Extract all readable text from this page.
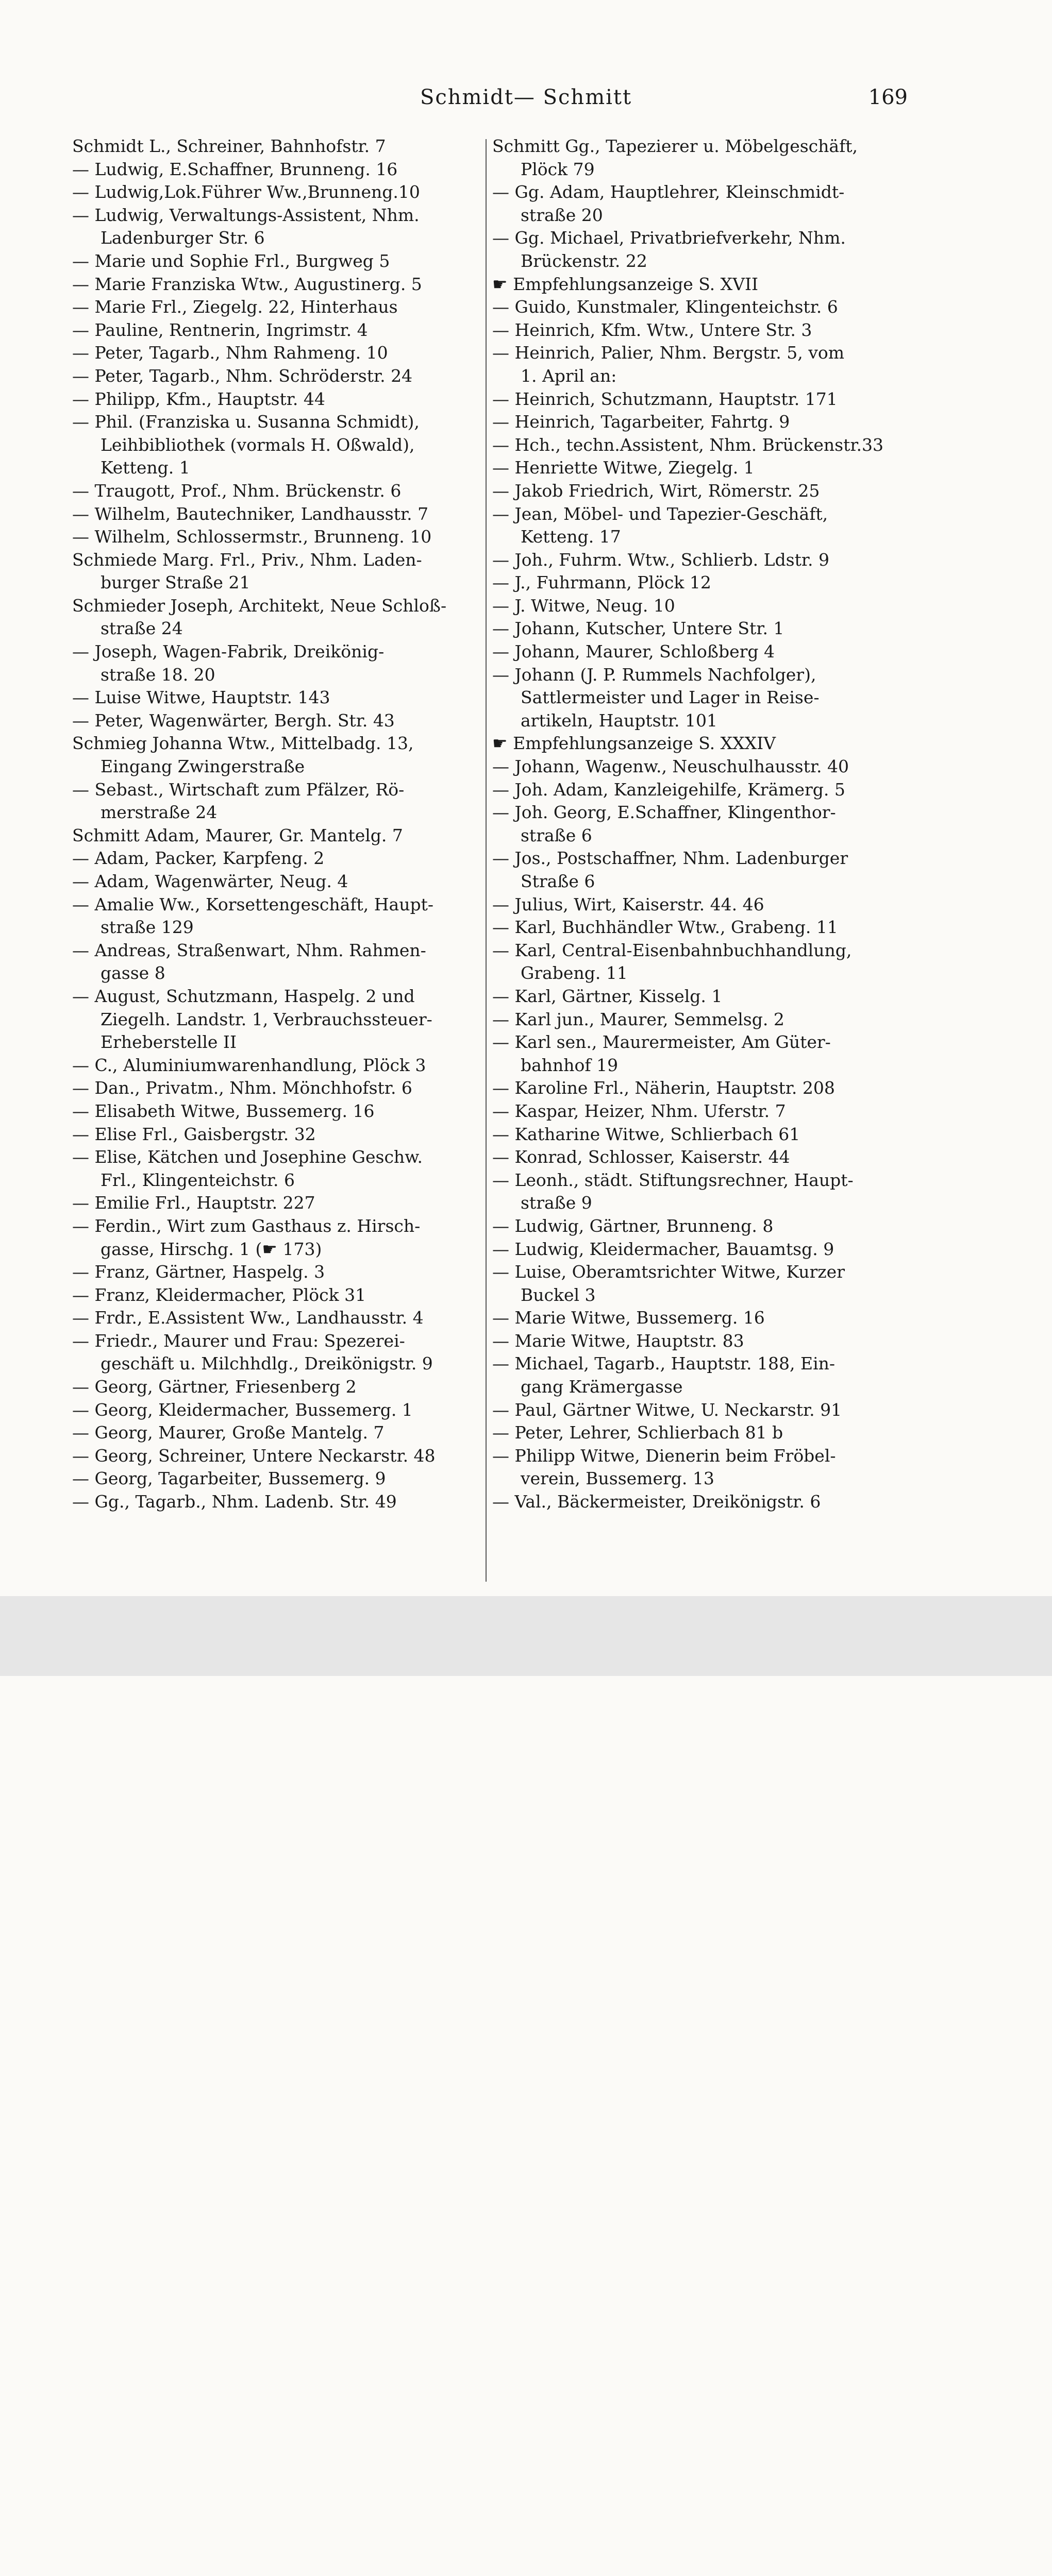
Schmidt— Schmitt	169
Schmidt L., Schreiner, Bahnhofstr. 7
— Ludwig, E.Schaffner, Brunneng. 16
— Ludwig,Lok.Führer Ww.,Brunneng.10
— Ludwig, Verwaltungs-Assistent, Nhm.
Ladenburger Str. 6
— Marie und Sophie Frl., Burgweg 5
— Marie Franziska Wtw., Augustinerg. 5
— Marie Frl., Ziegelg. 22, Hinterhaus
— Pauline, Rentnerin, Ingrimstr. 4
— Peter, Tagarb., Nhm Rahmeng. 10
— Peter, Tagarb., Nhm. Schröderstr. 24
— Philipp, Kfm., Hauptstr. 44
— Phil. (Franziska u. Susanna Schmidt),
Leihbibliothek (vormals H. Oßwald),
Ketteng. 1
— Traugott, Prof., Nhm. Brückenstr. 6
— Wilhelm, Bautechniker, Landhausstr. 7
— Wilhelm, Schlossermstr., Brunneng. 10
Schmiede Marg. Frl., Priv., Nhm. Laden-
burger Straße 21
Schmieder Joseph, Architekt, Neue Schloß-
straße 24
— Joseph, Wagen-Fabrik, Dreikönig-
straße 18. 20
— Luise Witwe, Hauptstr. 143
— Peter, Wagenwärter, Bergh. Str. 43
Schmieg Johanna Wtw., Mittelbadg. 13,
Eingang Zwingerstraße
— Sebast., Wirtschaft zum Pfälzer, Rö-
merstraße 24
Schmitt Adam, Maurer, Gr. Mantelg. 7
— Adam, Packer, Karpfeng. 2
— Adam, Wagenwärter, Neug. 4
— Amalie Ww., Korsettengeschäft, Haupt-
straße 129
— Andreas, Straßenwart, Nhm. Rahmen-
gasse 8
— August, Schutzmann, Haspelg. 2 und
Ziegelh. Landstr. 1, Verbrauchssteuer-
Erheberstelle II
— C., Aluminiumwarenhandlung, Plöck 3
— Dan., Privatm., Nhm. Mönchhofstr. 6
— Elisabeth Witwe, Bussemerg. 16
— Elise Frl., Gaisbergstr. 32
— Elise, Kätchen und Josephine Geschw.
Frl., Klingenteichstr. 6
— Emilie Frl., Hauptstr. 227
— Ferdin., Wirt zum Gasthaus z. Hirsch-
gasse, Hirschg. 1 (☛ 173)
— Franz, Gärtner, Haspelg. 3
— Franz, Kleidermacher, Plöck 31
— Frdr., E.Assistent Ww., Landhausstr. 4
— Friedr., Maurer und Frau: Spezerei-
geschäft u. Milchhdlg., Dreikönigstr. 9
— Georg, Gärtner, Friesenberg 2
— Georg, Kleidermacher, Bussemerg. 1
— Georg, Maurer, Große Mantelg. 7
— Georg, Schreiner, Untere Neckarstr. 48
— Georg, Tagarbeiter, Bussemerg. 9
— Gg., Tagarb., Nhm. Ladenb. Str. 49
Schmitt Gg., Tapezierer u. Möbelgeschäft,
Plöck 79
— Gg. Adam, Hauptlehrer, Kleinschmidt-
straße 20
— Gg. Michael, Privatbriefverkehr, Nhm.
Brückenstr. 22
☛ Empfehlungsanzeige S. XVII
— Guido, Kunstmaler, Klingenteichstr. 6
— Heinrich, Kfm. Wtw., Untere Str. 3
— Heinrich, Palier, Nhm. Bergstr. 5, vom
1. April an:
— Heinrich, Schutzmann, Hauptstr. 171
— Heinrich, Tagarbeiter, Fahrtg. 9
— Hch., techn.Assistent, Nhm. Brückenstr.33
— Henriette Witwe, Ziegelg. 1
— Jakob Friedrich, Wirt, Römerstr. 25
— Jean, Möbel- und Tapezier-Geschäft,
Ketteng. 17
— Joh., Fuhrm. Wtw., Schlierb. Ldstr. 9
— J., Fuhrmann, Plöck 12
— J. Witwe, Neug. 10
— Johann, Kutscher, Untere Str. 1
— Johann, Maurer, Schloßberg 4
— Johann (J. P. Rummels Nachfolger),
Sattlermeister und Lager in Reise-
artikeln, Hauptstr. 101
☛ Empfehlungsanzeige S. XXXIV
— Johann, Wagenw., Neuschulhausstr. 40
— Joh. Adam, Kanzleigehilfe, Krämerg. 5
— Joh. Georg, E.Schaffner, Klingenthor-
straße 6
— Jos., Postschaffner, Nhm. Ladenburger
Straße 6
— Julius, Wirt, Kaiserstr. 44. 46
— Karl, Buchhändler Wtw., Grabeng. 11
— Karl, Central-Eisenbahnbuchhandlung,
Grabeng. 11
— Karl, Gärtner, Kisselg. 1
— Karl jun., Maurer, Semmelsg. 2
— Karl sen., Maurermeister, Am Güter-
bahnhof 19
— Karoline Frl., Näherin, Hauptstr. 208
— Kaspar, Heizer, Nhm. Uferstr. 7
— Katharine Witwe, Schlierbach 61
— Konrad, Schlosser, Kaiserstr. 44
— Leonh., städt. Stiftungsrechner, Haupt-
straße 9
— Ludwig, Gärtner, Brunneng. 8
— Ludwig, Kleidermacher, Bauamtsg. 9
— Luise, Oberamtsrichter Witwe, Kurzer
Buckel 3
— Marie Witwe, Bussemerg. 16
— Marie Witwe, Hauptstr. 83
— Michael, Tagarb., Hauptstr. 188, Ein-
gang Krämergasse
— Paul, Gärtner Witwe, U. Neckarstr. 91
— Peter, Lehrer, Schlierbach 81 b
— Philipp Witwe, Dienerin beim Fröbel-
verein, Bussemerg. 13
— Val., Bäckermeister, Dreikönigstr. 6
